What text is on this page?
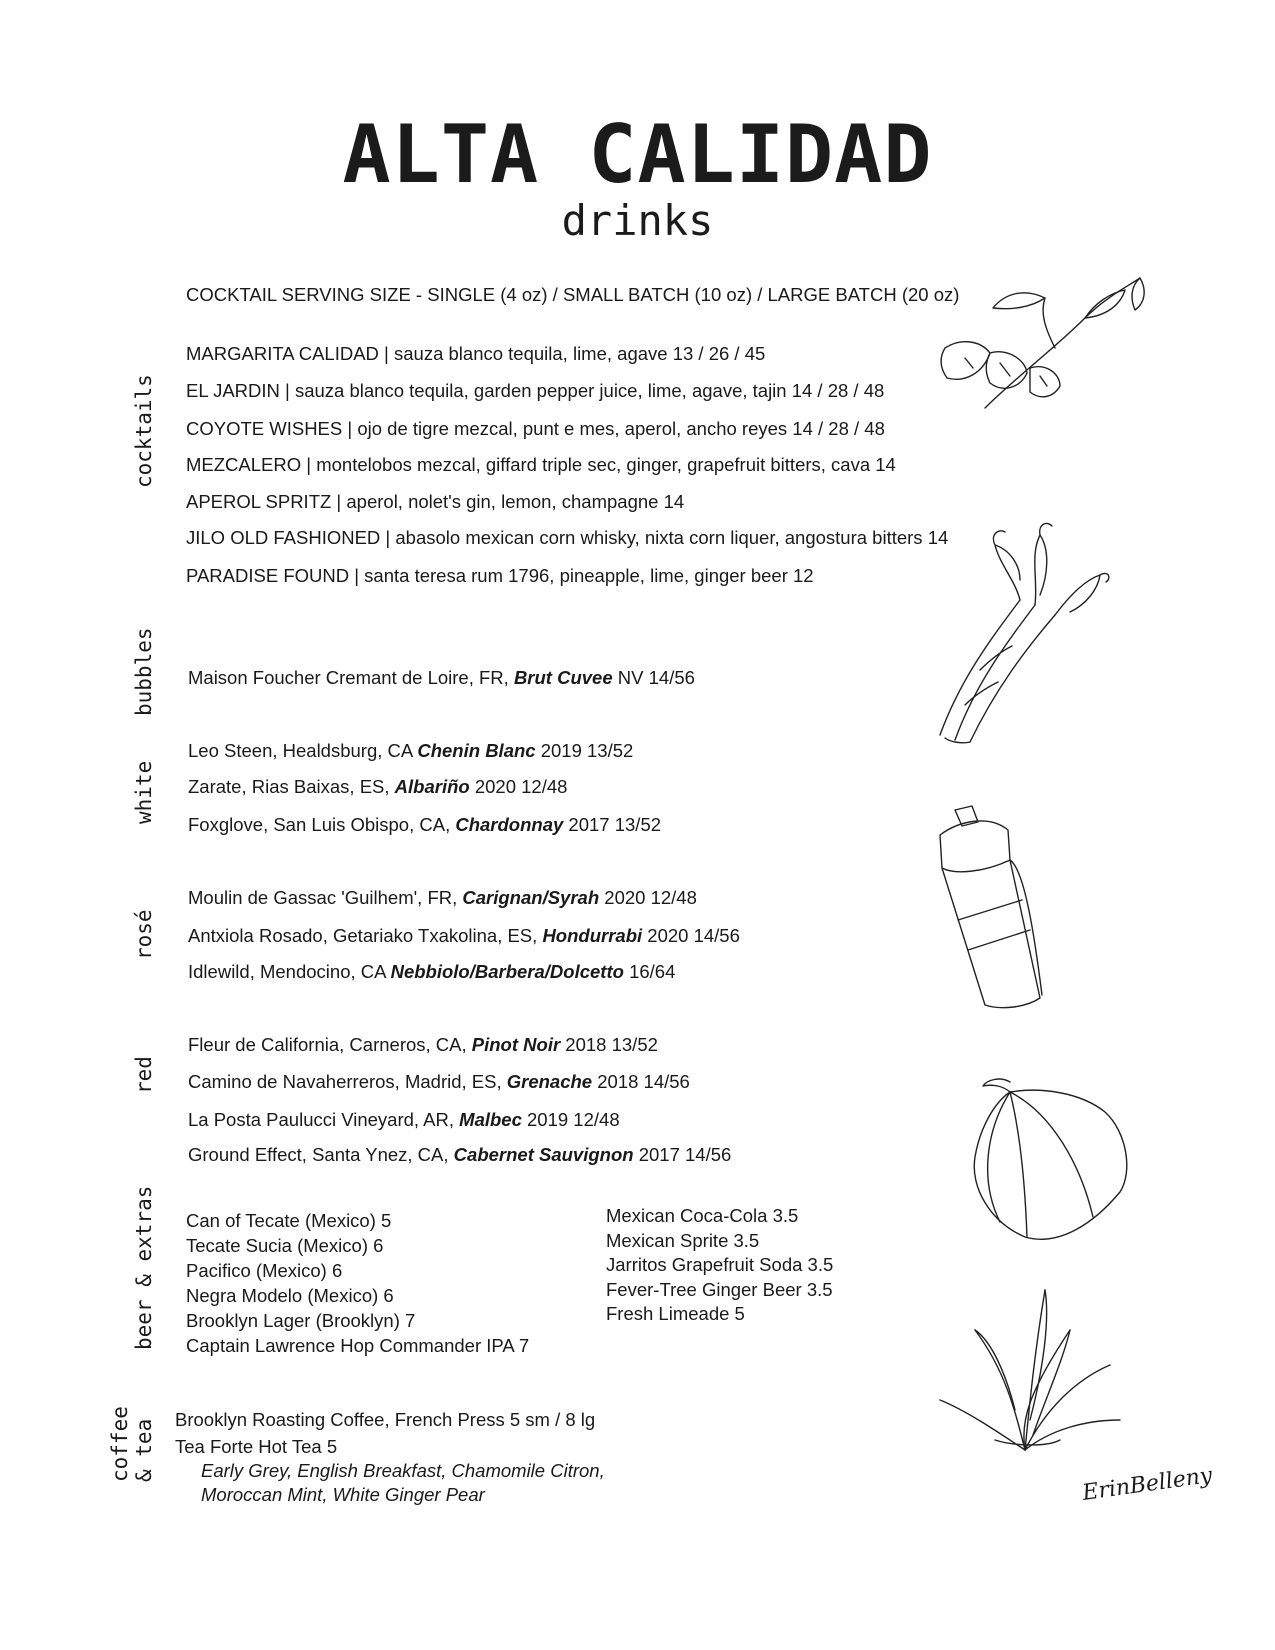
ALTA CALIDAD
drinks
cocktails
bubbles
white
rosé
red
beer & extras
coffee & tea
COCKTAIL SERVING SIZE - SINGLE (4 oz) / SMALL BATCH (10 oz) / LARGE BATCH (20 oz)
MARGARITA CALIDAD | sauza blanco tequila, lime, agave 13 / 26 / 45
EL JARDIN | sauza blanco tequila, garden pepper juice, lime, agave, tajin 14 / 28 / 48
COYOTE WISHES | ojo de tigre mezcal, punt e mes, aperol, ancho reyes 14 / 28 / 48
MEZCALERO | montelobos mezcal, giffard triple sec, ginger, grapefruit bitters, cava 14
APEROL SPRITZ | aperol, nolet's gin, lemon, champagne 14
JILO OLD FASHIONED | abasolo mexican corn whisky, nixta corn liquer, angostura bitters 14
PARADISE FOUND | santa teresa rum 1796, pineapple, lime, ginger beer 12
Maison Foucher Cremant de Loire, FR, Brut Cuvee NV 14/56
Leo Steen, Healdsburg, CA Chenin Blanc 2019 13/52
Zarate, Rias Baixas, ES, Albariño 2020 12/48
Foxglove, San Luis Obispo, CA, Chardonnay 2017 13/52
Moulin de Gassac 'Guilhem', FR, Carignan/Syrah 2020 12/48
Antxiola Rosado, Getariako Txakolina, ES, Hondurrabi 2020 14/56
Idlewild, Mendocino, CA Nebbiolo/Barbera/Dolcetto 16/64
Fleur de California, Carneros, CA, Pinot Noir 2018 13/52
Camino de Navaherreros, Madrid, ES, Grenache 2018 14/56
La Posta Paulucci Vineyard, AR, Malbec 2019 12/48
Ground Effect, Santa Ynez, CA, Cabernet Sauvignon 2017 14/56
Can of Tecate (Mexico) 5
Tecate Sucia (Mexico) 6
Pacifico (Mexico) 6
Negra Modelo (Mexico) 6
Brooklyn Lager (Brooklyn) 7
Captain Lawrence Hop Commander IPA 7
Mexican Coca-Cola 3.5
Mexican Sprite 3.5
Jarritos Grapefruit Soda 3.5
Fever-Tree Ginger Beer 3.5
Fresh Limeade 5
Brooklyn Roasting Coffee, French Press 5 sm / 8 lg
Tea Forte Hot Tea 5
Early Grey, English Breakfast, Chamomile Citron,
Moroccan Mint, White Ginger Pear	ErinBelleny
